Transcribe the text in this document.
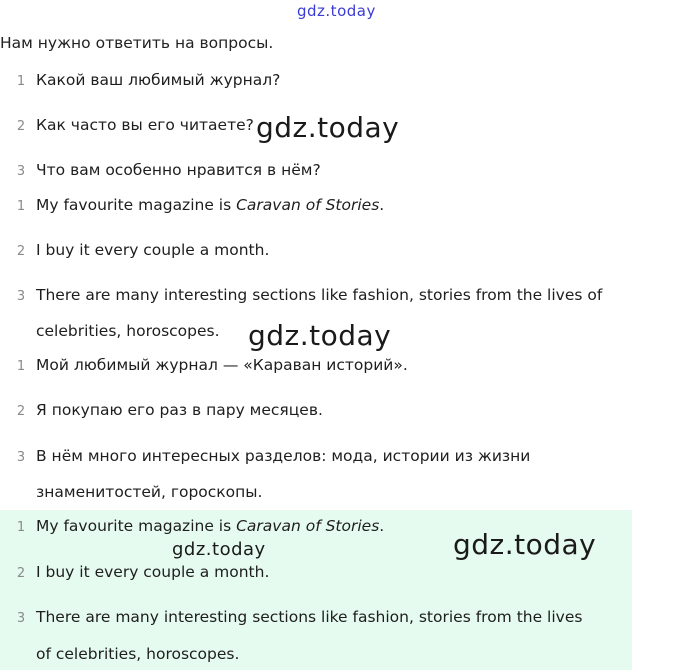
gdz.today
Нам нужно ответить на вопросы.
1 Какой ваш любимый журнал?
2 Как часто вы его читаете?
3 Что вам особенно нравится в нём?
gdz.today
1 My favourite magazine is Caravan of Stories.
2 I buy it every couple a month.
3 There are many interesting sections like fashion, stories from the lives of
celebrities, horoscopes. gdz.today
1 Мой любимый журнал — «Караван историй».
2 Я покупаю его раз в пару месяцев.
3 В нём много интересных разделов: мода, истории из жизни
знаменитостей, гороскопы.
1 My favourite magazine is Caravan of Stories.
gdz.today	gdz.today
2 I buy it every couple a month.
3 There are many interesting sections like fashion, stories from the lives
of celebrities, horoscopes.
